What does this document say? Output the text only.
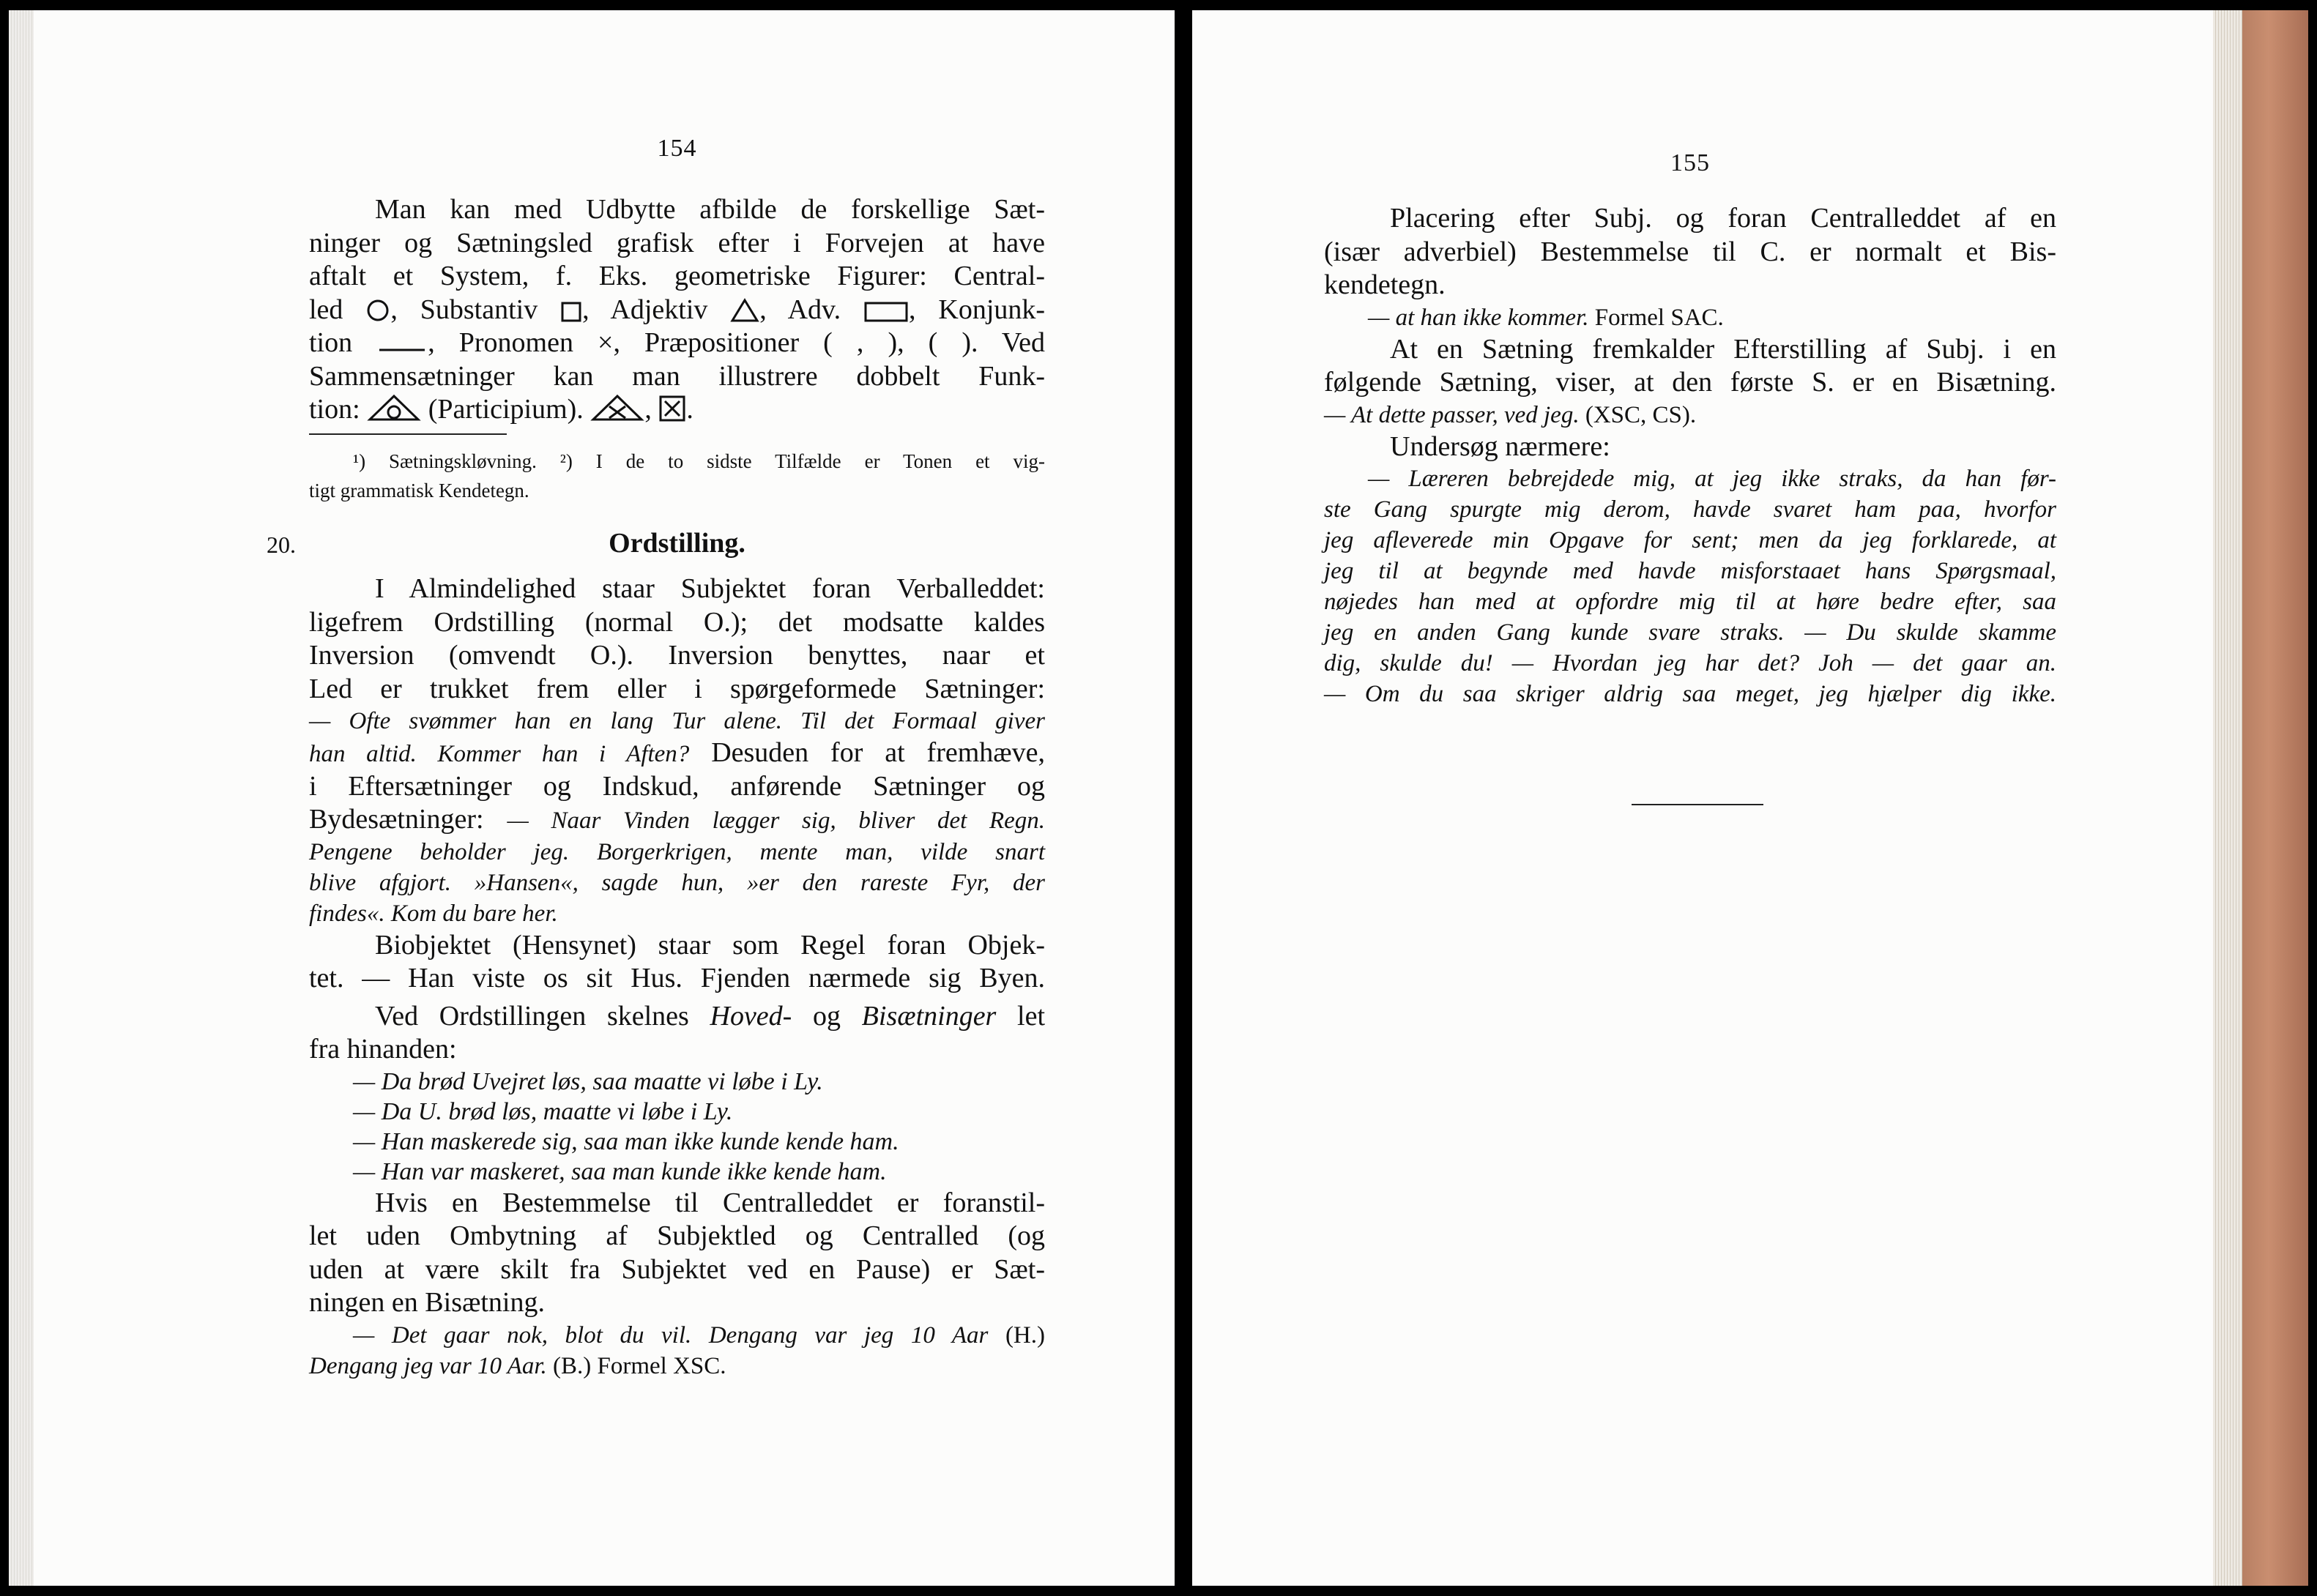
154

Man kan med Udbytte afbilde de forskellige Sæt-

ninger og Sætningsled grafisk efter i Forvejen at have

aftalt et System, f. Eks. geometriske Figurer: Central-

led , Substantiv , Adjektiv , Adv. , Konjunk-

tion	, Pronomen ×, Præpositioner ( , ), ( ). Ved

Sammensætninger kan man illustrere dobbelt Funk-

tion: (Participium). , .

¹) Sætningskløvning. ²) I de to sidste Tilfælde er Tonen et vig-

tigt grammatisk Kendetegn.

20.	Ordstilling.

I Almindelighed staar Subjektet foran Verballeddet:

ligefrem Ordstilling (normal O.); det modsatte kaldes

Inversion (omvendt O.). Inversion benyttes, naar et

Led er trukket frem eller i spørgeformede Sætninger:

— Ofte svømmer han en lang Tur alene. Til det Formaal giver

han altid. Kommer han i Aften? Desuden for at fremhæve,

i Eftersætninger og Indskud, anførende Sætninger og

Bydesætninger: — Naar Vinden lægger sig, bliver det Regn.

Pengene beholder jeg. Borgerkrigen, mente man, vilde snart

blive afgjort. »Hansen«, sagde hun, »er den rareste Fyr, der

findes«. Kom du bare her.

Biobjektet (Hensynet) staar som Regel foran Objek-

tet. — Han viste os sit Hus. Fjenden nærmede sig Byen.

Ved Ordstillingen skelnes Hoved- og Bisætninger let

fra hinanden:

— Da brød Uvejret løs, saa maatte vi løbe i Ly.

— Da U. brød løs, maatte vi løbe i Ly.

— Han maskerede sig, saa man ikke kunde kende ham.

— Han var maskeret, saa man kunde ikke kende ham.

Hvis en Bestemmelse til Centralleddet er foranstil-

let uden Ombytning af Subjektled og Centralled (og

uden at være skilt fra Subjektet ved en Pause) er Sæt-

ningen en Bisætning.

— Det gaar nok, blot du vil. Dengang var jeg 10 Aar (H.)

Dengang jeg var 10 Aar. (B.) Formel XSC.

155

Placering efter Subj. og foran Centralleddet af en

(især adverbiel) Bestemmelse til C. er normalt et Bis-

kendetegn.

— at han ikke kommer. Formel SAC.

At en Sætning fremkalder Efterstilling af Subj. i en

følgende Sætning, viser, at den første S. er en Bisætning.

— At dette passer, ved jeg. (XSC, CS).

Undersøg nærmere:

— Læreren bebrejdede mig, at jeg ikke straks, da han før-

ste Gang spurgte mig derom, havde svaret ham paa, hvorfor

jeg afleverede min Opgave for sent; men da jeg forklarede, at

jeg til at begynde med havde misforstaaet hans Spørgsmaal,

nøjedes han med at opfordre mig til at høre bedre efter, saa

jeg en anden Gang kunde svare straks. — Du skulde skamme

dig, skulde du! — Hvordan jeg har det? Joh — det gaar an.

— Om du saa skriger aldrig saa meget, jeg hjælper dig ikke.
